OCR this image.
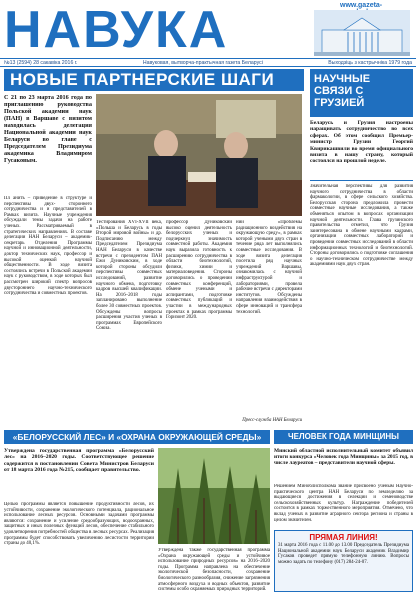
НАВУКА	www.gazeta-
№13 (2594) 28 сакавіка 2016 г.	Навуковая, вытворча-практычная газета Беларусі	Выходзіць з кастрычніка 1979 года
НОВЫЕ ПАРТНЕРСКИЕ ШАГИ
С 21 по 23 марта 2016 года по приглашению руководства Польской академии наук (ПАН) в Варшаве с визитом находилась делегация Национальной академии наук Беларуси во главе с Председателем Президиума академика Владимиром Гусаковым.
Пл анить – приведение в структуре и перспективы двух- стороннего сотрудничества и и представителей в Рамках визита. Научные учреждения обсуждали темы задачи на работе ученых. Рассматриваемый в стратегических направлениях. В составе делегации НАН Беларуси – академик-секретарь Отделения Программы научной и инновационной деятельности, доктор технических наук, профессор и высокой оценкой научной общественности. В ходе визита состоялись встречи в Польской академии наук с руководством, в ходе которых был рассмотрен широкий спектр вопросов двустороннего научно-технического сотрудничества и совместных проектов.
Тестирования XVI-XVII века, «Польша и Беларусь в годы Второй мировой войны» и др. Подписанию между Председателем Президиума НАН Беларуси в качестве встречи с президентом ПАН Ежи Дуниковским, в ходе которой стороны обсудили перспективы совместных исследований, развитие научного обмена, подготовку кадров высшей квалификации. На 2016–2018 годы запланировано выполнение более 30 совместных проектов. Обсуждены вопросы расширения участия ученых в программах Европейского Союза.
профессор Дуниковский высоко оценил деятельность белорусских ученых и подчеркнул значимость совместной работы. Академия наук выразила готовность к расширению сотрудничества в области биотехнологий, физики, химии и материаловедения. Стороны договорились о проведении совместных конференций, обмене учеными и аспирантами, подготовке совместных публикаций и участии в международных проектах в рамках программы Горизонт 2020.
нии «Проблемы радиационного воздействия на окружающую среду», в рамках которой учеными двух стран в течение ряда лет выполнялись совместные исследования. В ходе визита делегация посетила ряд научных учреждений Варшавы, ознакомилась с научной инфраструктурой и лабораториями, провела рабочие встречи с директорами институтов. Обсуждены направления взаимодействия в сфере инноваций и трансфера технологий.
Пресс-служба НАН Беларуси
НАУЧНЫЕ СВЯЗИ С ГРУЗИЕЙ
Беларусь и Грузия настроены наращивать сотрудничество во всех сферах. Об этом сообщил Премьер-министр Грузии Георгий Квирикашвили во время официального визита в нашу страну, который состоялся на прошлой неделе.
Значительная перспективы для развития научного сотрудничества в области фармакологии, в сфере сельского хозяйства. Белорусская сторона предложила провести совместные научные исследования, а также обменяться опытом в вопросах организации научной деятельности. Глава грузинского правительства отметил, что Грузия заинтересована в обмене научными кадрами, организации совместных лабораторий и проведении совместных исследований в области информационных технологий и биотехнологий. Стороны договорились о подготовке соглашения о научно-техническом сотрудничестве между академиями наук двух стран.
«БЕЛОРУССКИЙ ЛЕС» И «ОХРАНА ОКРУЖАЮЩЕЙ СРЕДЫ»
Утверждена государственная программа «Белорусский лес» на 2016–2020 годы. Соответствующее решение содержится в постановлении Совета Министров Беларуси от 18 марта 2016 года №215, сообщает правительство.
Целью программы является повышение продуктивности лесов, их устойчивости, сохранение экологического потенциала, рациональное использование лесных ресурсов. Основными задачами программы являются: сохранение и усиление средообразующих, водоохранных, защитных и иных полезных функций лесов, обеспечение стабильного удовлетворения потребностей общества в лесных ресурсах. Реализация программы будет способствовать увеличению лесистости территории страны до 40,1%.
Утверждена также государственная программа «Охрана окружающей среды и устойчивое использование природных ресурсов» на 2016–2020 годы. Программа направлена на обеспечение экологической безопасности, сохранение биологического разнообразия, снижение загрязнения атмосферного воздуха и водных объектов, развитие системы особо охраняемых природных территорий.
ЧЕЛОВЕК ГОДА МИНЩИНЫ
Минский областной исполнительный комитет объявил итоги конкурса «Человек года Минщины» за 2015 год, в числе лауреатов – представители научной сферы.
Решением Миноблисполкома звание присвоено ученым Научно-практического центра НАН Беларуси по земледелию за выдающиеся достижения в селекции и семеноводстве сельскохозяйственных культур. Награждение победителей состоится в рамках торжественного мероприятия. Отмечено, что вклад ученых в развитие аграрного сектора региона и страны в целом значителен.
ПРЯМАЯ ЛИНИЯ!
31 марта 2016 года с 11.00 до 13.00 Председатель Президиума Национальной академии наук Беларуси академик Владимир Гусаков проведет прямую телефонную линию. Вопросы можно задать по телефону (017) 284-24-07.
